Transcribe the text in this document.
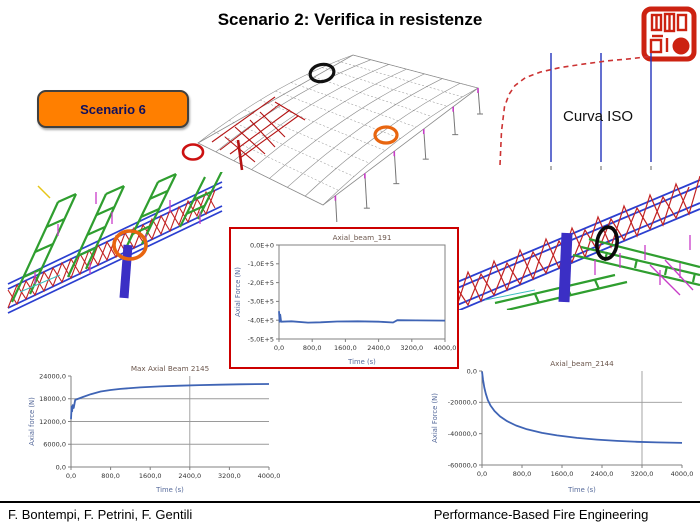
Scenario 2: Verifica in resistenze
Scenario 6	Curva ISO
0,0	800,0 1600,0 2400,0 3200,0 4000,0
0,0E+0
-1,0E+5
-2,0E+5
-3,0E+5
-4,0E+5
-5,0E+5
Axial_beam_191
Time (s)
Axial Force (N)
0,0	800,0	1600,0	2400,0	3200,0	4000,0
0,0
6000,0
12000,0
18000,0
24000,0
Max Axial Beam 2145
Time (s)
Axial force (N)
0,0	800,0	1600,0	2400,0	3200,0	4000,0
0,0
-20000,0
-40000,0
-60000,0
Axial_beam_2144
Time (s)
Axial Force (N)
F. Bontempi, F. Petrini, F. Gentili	Performance-Based Fire Engineering
